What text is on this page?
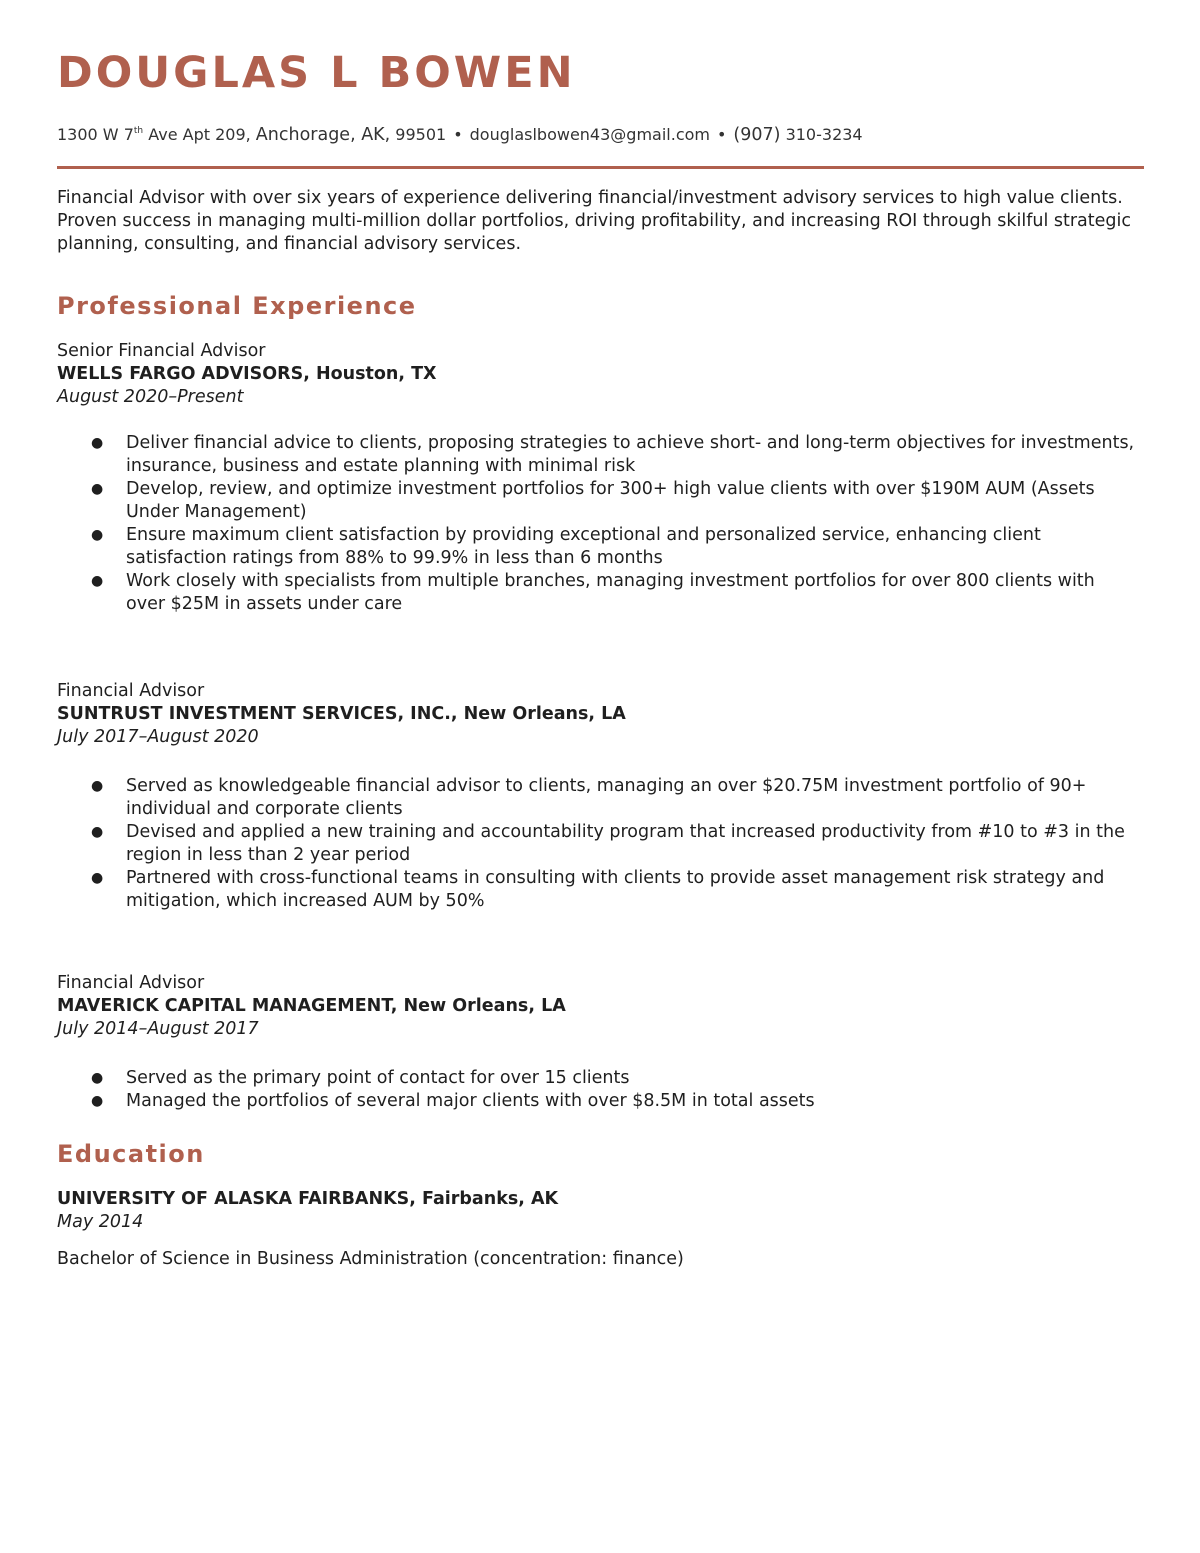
DOUGLAS L BOWEN
1300 W 7th Ave Apt 209, Anchorage, AK, 99501 • douglaslbowen43@gmail.com • (907) 310-3234

Financial Advisor with over six years of experience delivering financial/investment advisory services to high value clients. Proven success in managing multi-million dollar portfolios, driving profitability, and increasing ROI through skilful strategic planning, consulting, and financial advisory services.

Professional Experience
Senior Financial Advisor
WELLS FARGO ADVISORS, Houston, TX
August 2020–Present
● Deliver financial advice to clients, proposing strategies to achieve short- and long-term objectives for investments, insurance, business and estate planning with minimal risk
● Develop, review, and optimize investment portfolios for 300+ high value clients with over $190M AUM (Assets Under Management)
● Ensure maximum client satisfaction by providing exceptional and personalized service, enhancing client satisfaction ratings from 88% to 99.9% in less than 6 months
● Work closely with specialists from multiple branches, managing investment portfolios for over 800 clients with over $25M in assets under care
Financial Advisor
SUNTRUST INVESTMENT SERVICES, INC., New Orleans, LA
July 2017–August 2020
● Served as knowledgeable financial advisor to clients, managing an over $20.75M investment portfolio of 90+ individual and corporate clients
● Devised and applied a new training and accountability program that increased productivity from #10 to #3 in the region in less than 2 year period
● Partnered with cross-functional teams in consulting with clients to provide asset management risk strategy and mitigation, which increased AUM by 50%
Financial Advisor
MAVERICK CAPITAL MANAGEMENT, New Orleans, LA
July 2014–August 2017
● Served as the primary point of contact for over 15 clients
● Managed the portfolios of several major clients with over $8.5M in total assets
Education
UNIVERSITY OF ALASKA FAIRBANKS, Fairbanks, AK
May 2014
Bachelor of Science in Business Administration (concentration: finance)
